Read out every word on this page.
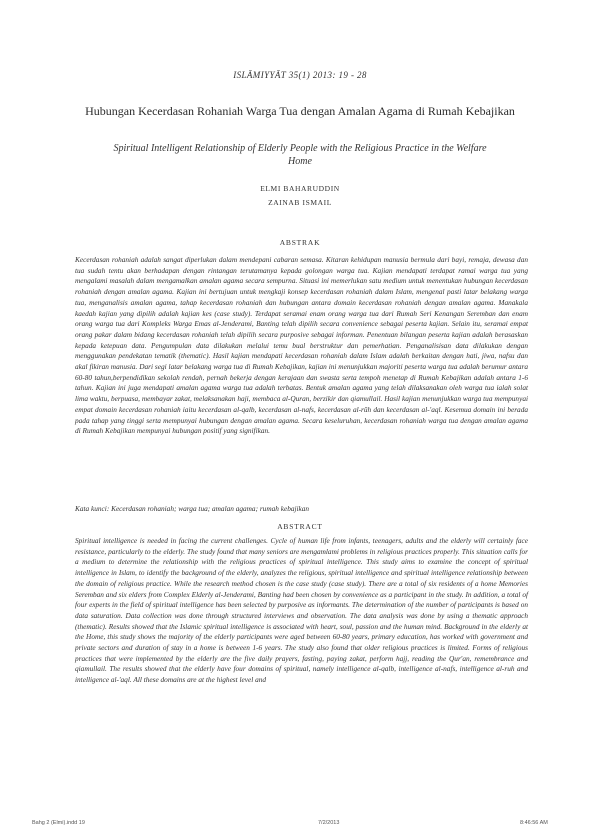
ISLĀMIYYĀT 35(1) 2013: 19 - 28
Hubungan Kecerdasan Rohaniah Warga Tua dengan Amalan Agama di Rumah Kebajikan
Spiritual Intelligent Relationship of Elderly People with the Religious Practice in the Welfare Home
ELMI BAHARUDDIN
ZAINAB ISMAIL
ABSTRAK
Kecerdasan rohaniah adalah sangat diperlukan dalam mendepani cabaran semasa. Kitaran kehidupan manusia bermula dari bayi, remaja, dewasa dan tua sudah tentu akan berhadapan dengan rintangan terutamanya kepada golongan warga tua. Kajian mendapati terdapat ramai warga tua yang mengalami masalah dalam mengamalkan amalan agama secara sempurna. Situasi ini memerlukan satu medium untuk menentukan hubungan kecerdasan rohaniah dengan amalan agama. Kajian ini bertujuan untuk mengkaji konsep kecerdasan rohaniah dalam Islam, mengenal pasti latar belakang warga tua, menganalisis amalan agama, tahap kecerdasan rohaniah dan hubungan antara domain kecerdasan rohaniah dengan amalan agama. Manakala kaedah kajian yang dipilih adalah kajian kes (case study). Terdapat seramai enam orang warga tua dari Rumah Seri Kenangan Seremban dan enam orang warga tua dari Kompleks Warga Emas al-Jenderami, Banting telah dipilih secara convenience sebagai peserta kajian. Selain itu, seramai empat orang pakar dalam bidang kecerdasan rohaniah telah dipilih secara purposive sebagai informan. Penentuan bilangan peserta kajian adalah berasaskan kepada ketepuan data. Pengumpulan data dilakukan melalui temu bual berstruktur dan pemerhatian. Penganalisisan data dilakukan dengan menggunakan pendekatan tematik (thematic). Hasil kajian mendapati kecerdasan rohaniah dalam Islam adalah berkaitan dengan hati, jiwa, nafsu dan akal fikiran manusia. Dari segi latar belakang warga tua di Rumah Kebajikan, kajian ini menunjukkan majoriti peserta warga tua adalah berumur antara 60-80 tahun,berpendidikan sekolah rendah, pernah bekerja dengan kerajaan dan swasta serta tempoh menetap di Rumah Kebajikan adalah antara 1-6 tahun. Kajian ini juga mendapati amalan agama warga tua adalah terbatas. Bentuk amalan agama yang telah dilaksanakan oleh warga tua ialah solat lima waktu, berpuasa, membayar zakat, melaksanakan haji, membaca al-Quran, berzikir dan qiamullail. Hasil kajian menunjukkan warga tua mempunyai empat domain kecerdasan rohaniah iaitu kecerdasan al-qalb, kecerdasan al-nafs, kecerdasan al-rūh dan kecerdasan al-'aql. Kesemua domain ini berada pada tahap yang tinggi serta mempunyai hubungan dengan amalan agama. Secara keseluruhan, kecerdasan rohaniah warga tua dengan amalan agama di Rumah Kebajikan mempunyai hubungan positif yang signifikan.
Kata kunci: Kecerdasan rohaniah; warga tua; amalan agama; rumah kebajikan
ABSTRACT
Spiritual intelligence is needed in facing the current challenges. Cycle of human life from infants, teenagers, adults and the elderly will certainly face resistance, particularly to the elderly. The study found that many seniors are mengamlami problems in religious practices properly. This situation calls for a medium to determine the relationship with the religious practices of spiritual intelligence. This study aims to examine the concept of spiritual intelligence in Islam, to identify the background of the elderly, analyzes the religious, spiritual intelligence and spiritual intelligence relationship between the domain of religious practice. While the research method chosen is the case study (case study). There are a total of six residents of a home Memories Seremban and six elders from Complex Elderly al-Jenderami, Banting had been chosen by convenience as a participant in the study. In addition, a total of four experts in the field of spiritual intelligence has been selected by purposive as informants. The determination of the number of participants is based on data saturation. Data collection was done through structured interviews and observation. The data analysis was done by using a thematic approach (thematic). Results showed that the Islamic spiritual intelligence is associated with heart, soul, passion and the human mind. Background in the elderly at the Home, this study shows the majority of the elderly participants were aged between 60-80 years, primary education, has worked with government and private sectors and duration of stay in a home is between 1-6 years. The study also found that older religious practices is limited. Forms of religious practices that were implemented by the elderly are the five daily prayers, fasting, paying zakat, perform hajj, reading the Qur'an, remembrance and qiamullail. The results showed that the elderly have four domains of spiritual, namely intelligence al-qalb, intelligence al-nafs, intelligence al-ruh and intelligence al-'aql. All these domains are at the highest level and
Bahg 2 (Elmi).indd 19	7/2/2013	8:46:56 AM
